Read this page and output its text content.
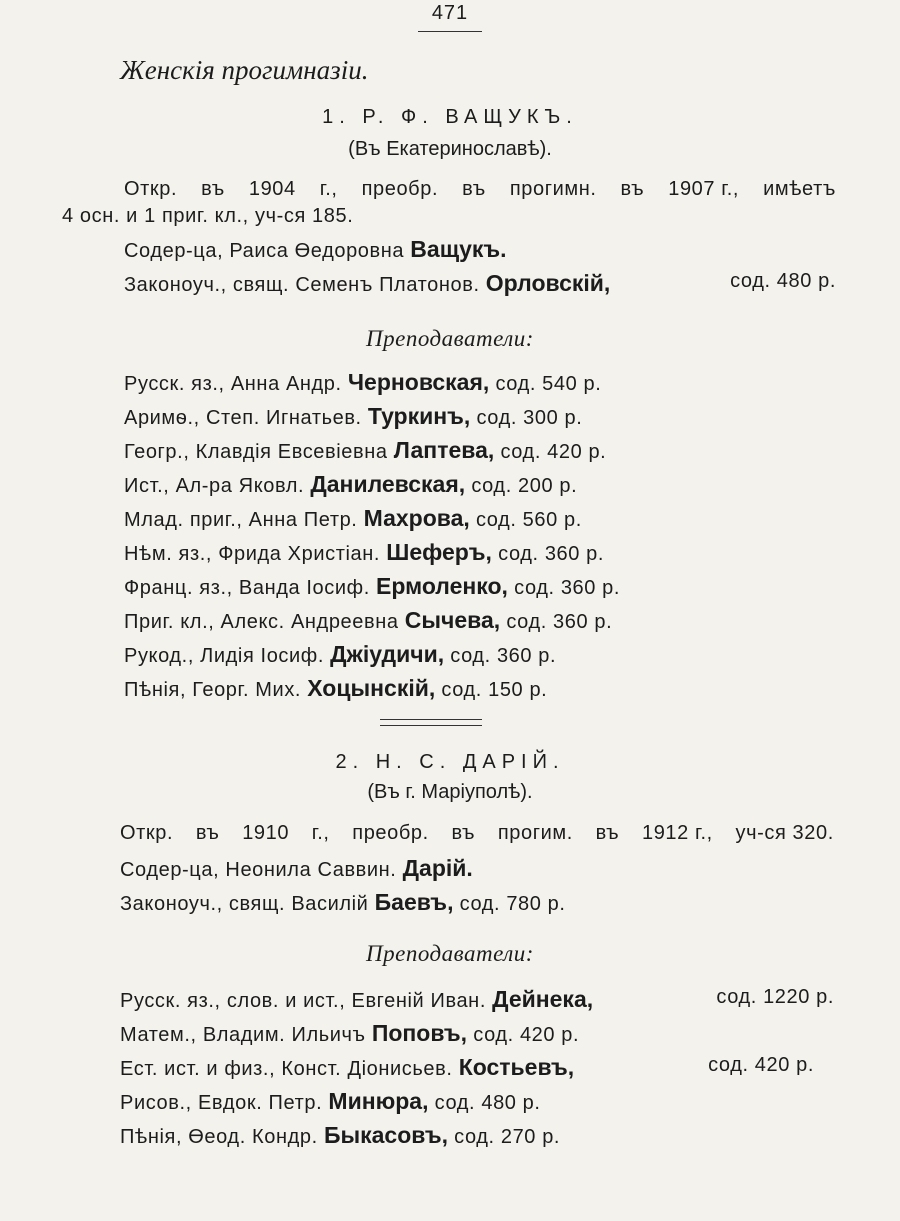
471
Женскія прогимназіи.
1. Р. Ф. ВАЩУКЪ.
(Въ Екатеринославѣ).
Откр. въ 1904 г., преобр. въ прогимн. въ 1907 г., имѣетъ
4 осн. и 1 приг. кл., уч-ся 185.
Содер-ца, Раиса Өедоровна Ващукъ.
Законоуч., свящ. Семенъ Платонов. Орловскій,	сод. 480 р.
Преподаватели:
Русск. яз., Анна Андр. Черновская, сод. 540 р.
Аримѳ., Степ. Игнатьев. Туркинъ, сод. 300 р.
Геогр., Клавдія Евсевіевна Лаптева, сод. 420 р.
Ист., Ал-ра Яковл. Данилевская, сод. 200 р.
Млад. приг., Анна Петр. Махрова, сод. 560 р.
Нѣм. яз., Фрида Христіан. Шеферъ, сод. 360 р.
Франц. яз., Ванда Іосиф. Ермоленко, сод. 360 р.
Приг. кл., Алекс. Андреевна Сычева, сод. 360 р.
Рукод., Лидія Іосиф. Джіудичи, сод. 360 р.
Пѣнія, Георг. Мих. Хоцынскій, сод. 150 р.
2. Н. С. ДАРІЙ.
(Въ г. Маріуполѣ).
Откр. въ 1910 г., преобр. въ прогим. въ 1912 г., уч-ся 320.
Содер-ца, Неонила Саввин. Дарій.
Законоуч., свящ. Василій Баевъ, сод. 780 р.
Преподаватели:
Русск. яз., слов. и ист., Евгеній Иван. Дейнека,	сод. 1220 р.
Матем., Владим. Ильичъ Поповъ, сод. 420 р.
Ест. ист. и физ., Конст. Діонисьев. Костьевъ,	сод. 420 р.
Рисов., Евдок. Петр. Минюра, сод. 480 р.
Пѣнія, Өеод. Кондр. Быкасовъ, сод. 270 р.
